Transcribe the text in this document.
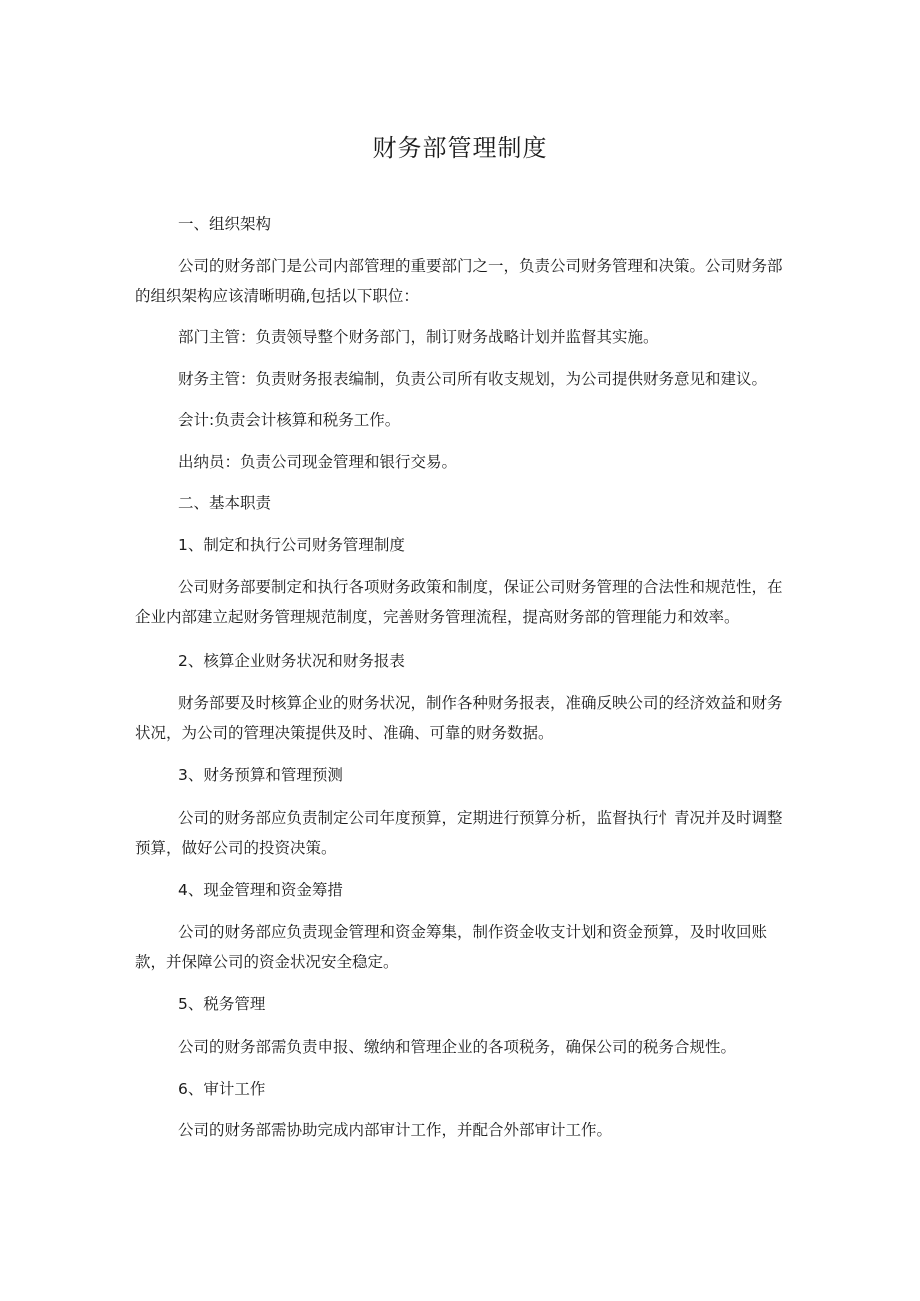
财务部管理制度
一、组织架构
公司的财务部门是公司内部管理的重要部门之一，负责公司财务管理和决策。公司财务部
的组织架构应该清晰明确,包括以下职位：
部门主管：负责领导整个财务部门，制订财务战略计划并监督其实施。
财务主管：负责财务报表编制，负责公司所有收支规划，为公司提供财务意见和建议。
会计:负责会计核算和税务工作。
出纳员：负责公司现金管理和银行交易。
二、基本职责
1、制定和执行公司财务管理制度
公司财务部要制定和执行各项财务政策和制度，保证公司财务管理的合法性和规范性，在
企业内部建立起财务管理规范制度，完善财务管理流程，提高财务部的管理能力和效率。
2、核算企业财务状况和财务报表
财务部要及时核算企业的财务状况，制作各种财务报表，准确反映公司的经济效益和财务
状况，为公司的管理决策提供及时、准确、可靠的财务数据。
3、财务预算和管理预测
公司的财务部应负责制定公司年度预算，定期进行预算分析，监督执行忄青况并及时调整
预算，做好公司的投资决策。
4、现金管理和资金筹措
公司的财务部应负责现金管理和资金筹集，制作资金收支计划和资金预算，及时收回账
款，并保障公司的资金状况安全稳定。
5、税务管理
公司的财务部需负责申报、缴纳和管理企业的各项税务，确保公司的税务合规性。
6、审计工作
公司的财务部需协助完成内部审计工作，并配合外部审计工作。
